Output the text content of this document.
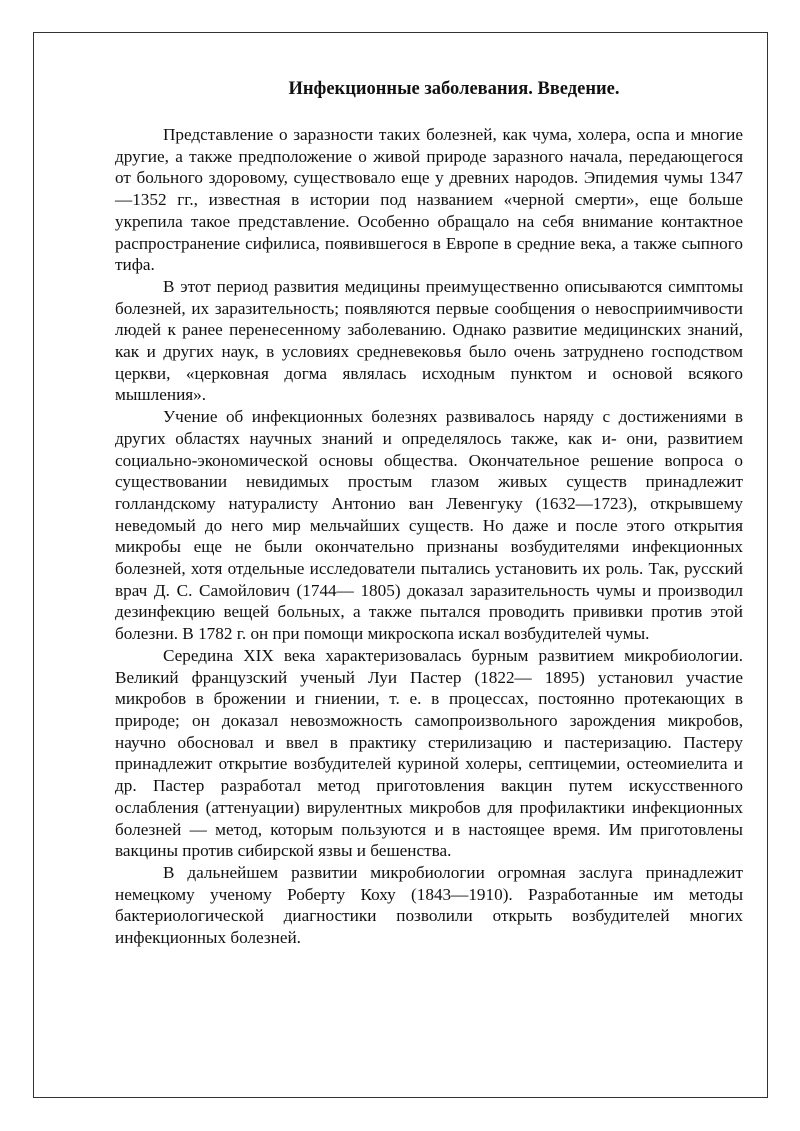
Инфекционные заболевания. Введение.

Представление о заразности таких болезней, как чума, холера, оспа и многие другие, а также предположение о живой природе заразного начала, передающегося от больного здоровому, существовало еще у древних народов. Эпидемия чумы 1347—1352 гг., известная в истории под названием «черной смерти», еще больше укрепила такое представление. Особенно обращало на себя внимание контактное распространение сифилиса, появившегося в Европе в средние века, а также сыпного тифа.

В этот период развития медицины преимущественно описываются симптомы болезней, их заразительность; появляются первые сообщения о невосприимчивости людей к ранее перенесенному заболеванию. Однако развитие медицинских знаний, как и других наук, в условиях средневековья было очень затруднено господством церкви, «церковная догма являлась исходным пунктом и основой всякого мышления».

Учение об инфекционных болезнях развивалось наряду с достижениями в других областях научных знаний и определялось также, как и- они, развитием социально-экономической основы общества. Окончательное решение вопроса о существовании невидимых простым глазом живых существ принадлежит голландскому натуралисту Антонио ван Левенгуку (1632—1723), открывшему неведомый до него мир мельчайших существ. Но даже и после этого открытия микробы еще не были окончательно признаны возбудителями инфекционных болезней, хотя отдельные исследователи пытались установить их роль. Так, русский врач Д. С. Самойлович (1744— 1805) доказал заразительность чумы и производил дезинфекцию вещей больных, а также пытался проводить прививки против этой болезни. В 1782 г. он при помощи микроскопа искал возбудителей чумы.

Середина XIX века характеризовалась бурным развитием микробиологии. Великий французский ученый Луи Пастер (1822— 1895) установил участие микробов в брожении и гниении, т. е. в процессах, постоянно протекающих в природе; он доказал невозможность самопроизвольного зарождения микробов, научно обосновал и ввел в практику стерилизацию и пастеризацию. Пастеру принадлежит открытие возбудителей куриной холеры, септицемии, остеомиелита и др. Пастер разработал метод приготовления вакцин путем искусственного ослабления (аттенуации) вирулентных микробов для профилактики инфекционных болезней — метод, которым пользуются и в настоящее время. Им приготовлены вакцины против сибирской язвы и бешенства.

В дальнейшем развитии микробиологии огромная заслуга принадлежит немецкому ученому Роберту Коху (1843—1910). Разработанные им методы бактериологической диагностики позволили открыть возбудителей многих инфекционных болезней.
